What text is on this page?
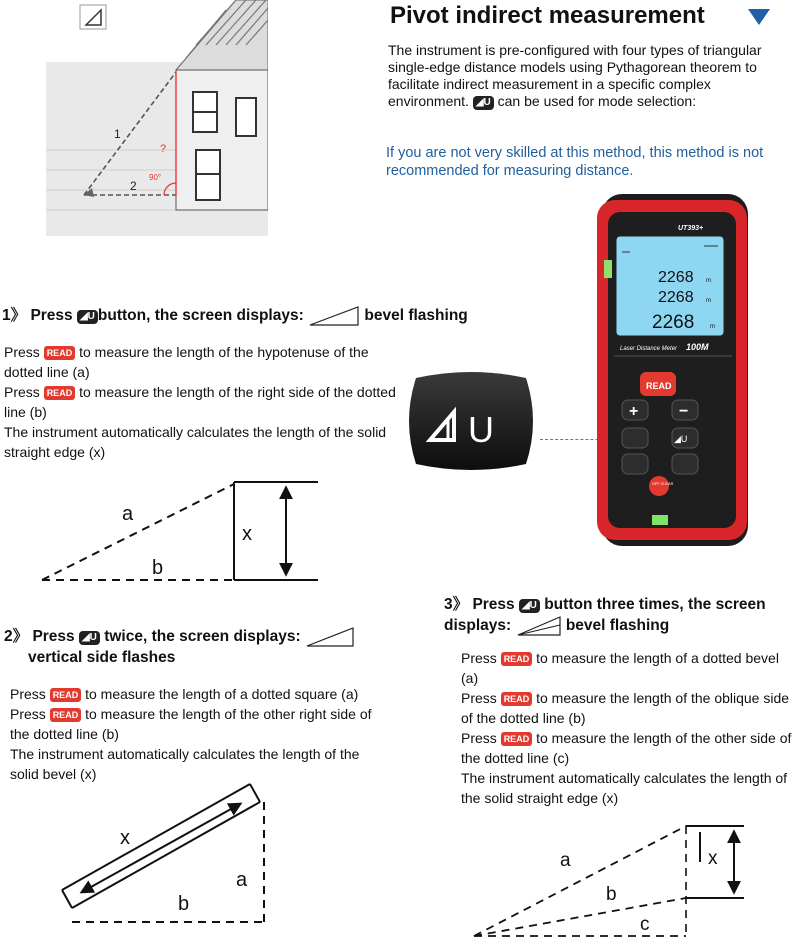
1
2
?
90°
Pivot indirect measurement
The instrument is pre-configured with four types of triangular single-edge distance models using Pythagorean theorem to facilitate indirect measurement in a specific complex environment. ◢U can be used for mode selection:
If you are not very skilled at this method, this method is not recommended for measuring distance.
U
UT393+
2268 m
2268 m
2268	m
Laser Distance Meter 100M
READ
+	−
◢U
OFF CLEAR
1》 Press ◢U button, the screen displays:	bevel flashing
Press READ to measure the length of the hypotenuse of the dotted line (a)
Press READ to measure the length of the right side of the dotted line (b)
The instrument automatically calculates the length of the solid straight edge (x)
a
b
x
2》 Press ◢U twice, the screen displays:
vertical side flashes
Press READ to measure the length of a dotted square (a)
Press READ to measure the length of the other right side of the dotted line (b)
The instrument automatically calculates the length of the solid bevel (x)
x
b
a
3》 Press ◢U button three times, the screen displays:	bevel flashing
Press READ to measure the length of a dotted bevel (a)
Press READ to measure the length of the oblique side of the dotted line (b)
Press READ to measure the length of the other side of the dotted line (c)
The instrument automatically calculates the length of the solid straight edge (x)
a
b
c
x
